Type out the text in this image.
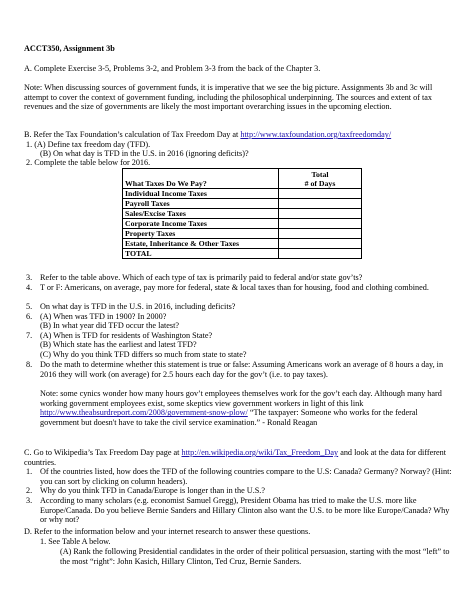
ACCT350, Assignment 3b
A. Complete Exercise 3-5, Problems 3-2, and Problem 3-3 from the back of the Chapter 3.
Note: When discussing sources of government funds, it is imperative that we see the big picture. Assignments 3b and 3c will attempt to cover the context of government funding, including the philosophical underpinning. The sources and extent of tax revenues and the size of governments are likely the most important overarching issues in the upcoming election.
B. Refer the Tax Foundation’s calculation of Tax Freedom Day at http://www.taxfoundation.org/taxfreedomday/
1. (A) Define tax freedom day (TFD).
(B) On what day is TFD in the U.S. in 2016 (ignoring deficits)?
2. Complete the table below for 2016.
What Taxes Do We Pay?	Total
# of Days
Individual Income Taxes	
Payroll Taxes	
Sales/Excise Taxes	
Corporate Income Taxes	
Property Taxes	
Estate, Inheritance & Other Taxes	
TOTAL	
3. Refer to the table above. Which of each type of tax is primarily paid to federal and/or state gov’ts?
4. T or F: Americans, on average, pay more for federal, state & local taxes than for housing, food and clothing combined.
5. On what day is TFD in the U.S. in 2016, including deficits?
6. (A) When was TFD in 1900? In 2000?
(B) In what year did TFD occur the latest?
7. (A) When is TFD for residents of Washington State?
(B) Which state has the earliest and latest TFD?
(C) Why do you think TFD differs so much from state to state?
8. Do the math to determine whether this statement is true or false: Assuming Americans work an average of 8 hours a day, in 2016 they will work (on average) for 2.5 hours each day for the gov’t (i.e. to pay taxes).
Note: some cynics wonder how many hours gov’t employees themselves work for the gov’t each day. Although many hard working government employees exist, some skeptics view government workers in light of this link http://www.theabsurdreport.com/2008/government-snow-plow/ “The taxpayer: Someone who works for the federal government but doesn't have to take the civil service examination.” - Ronald Reagan
C. Go to Wikipedia’s Tax Freedom Day page at http://en.wikipedia.org/wiki/Tax_Freedom_Day and look at the data for different countries.
1. Of the countries listed, how does the TFD of the following countries compare to the U.S: Canada? Germany? Norway? (Hint: you can sort by clicking on column headers).
2. Why do you think TFD in Canada/Europe is longer than in the U.S.?
3. According to many scholars (e.g. economist Samuel Gregg), President Obama has tried to make the U.S. more like Europe/Canada. Do you believe Bernie Sanders and Hillary Clinton also want the U.S. to be more like Europe/Canada? Why or why not?
D. Refer to the information below and your internet research to answer these questions.
1. See Table A below.
(A) Rank the following Presidential candidates in the order of their political persuasion, starting with the most “left” to the most “right”: John Kasich, Hillary Clinton, Ted Cruz, Bernie Sanders.
